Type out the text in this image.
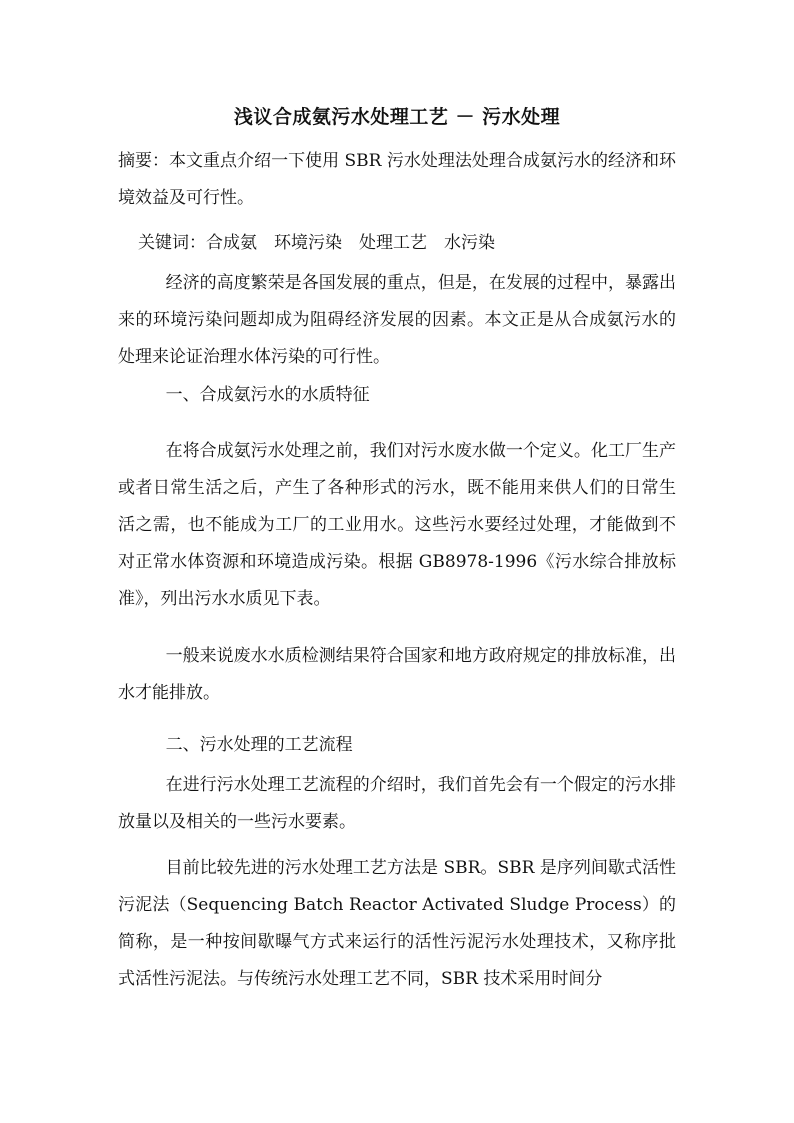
浅议合成氨污水处理工艺 － 污水处理
摘要：本文重点介绍一下使用 SBR 污水处理法处理合成氨污水的经济和环境效益及可行性。
关键词：合成氨　环境污染　处理工艺　水污染
经济的高度繁荣是各国发展的重点，但是，在发展的过程中，暴露出来的环境污染问题却成为阻碍经济发展的因素。本文正是从合成氨污水的处理来论证治理水体污染的可行性。
一、合成氨污水的水质特征
在将合成氨污水处理之前，我们对污水废水做一个定义。化工厂生产或者日常生活之后，产生了各种形式的污水，既不能用来供人们的日常生活之需，也不能成为工厂的工业用水。这些污水要经过处理，才能做到不对正常水体资源和环境造成污染。根据 GB8978-1996《污水综合排放标准》，列出污水水质见下表。
一般来说废水水质检测结果符合国家和地方政府规定的排放标准，出水才能排放。
二、污水处理的工艺流程
在进行污水处理工艺流程的介绍时，我们首先会有一个假定的污水排放量以及相关的一些污水要素。
目前比较先进的污水处理工艺方法是 SBR。SBR 是序列间歇式活性污泥法（Sequencing Batch Reactor Activated Sludge Process）的简称，是一种按间歇曝气方式来运行的活性污泥污水处理技术，又称序批式活性污泥法。与传统污水处理工艺不同，SBR 技术采用时间分
